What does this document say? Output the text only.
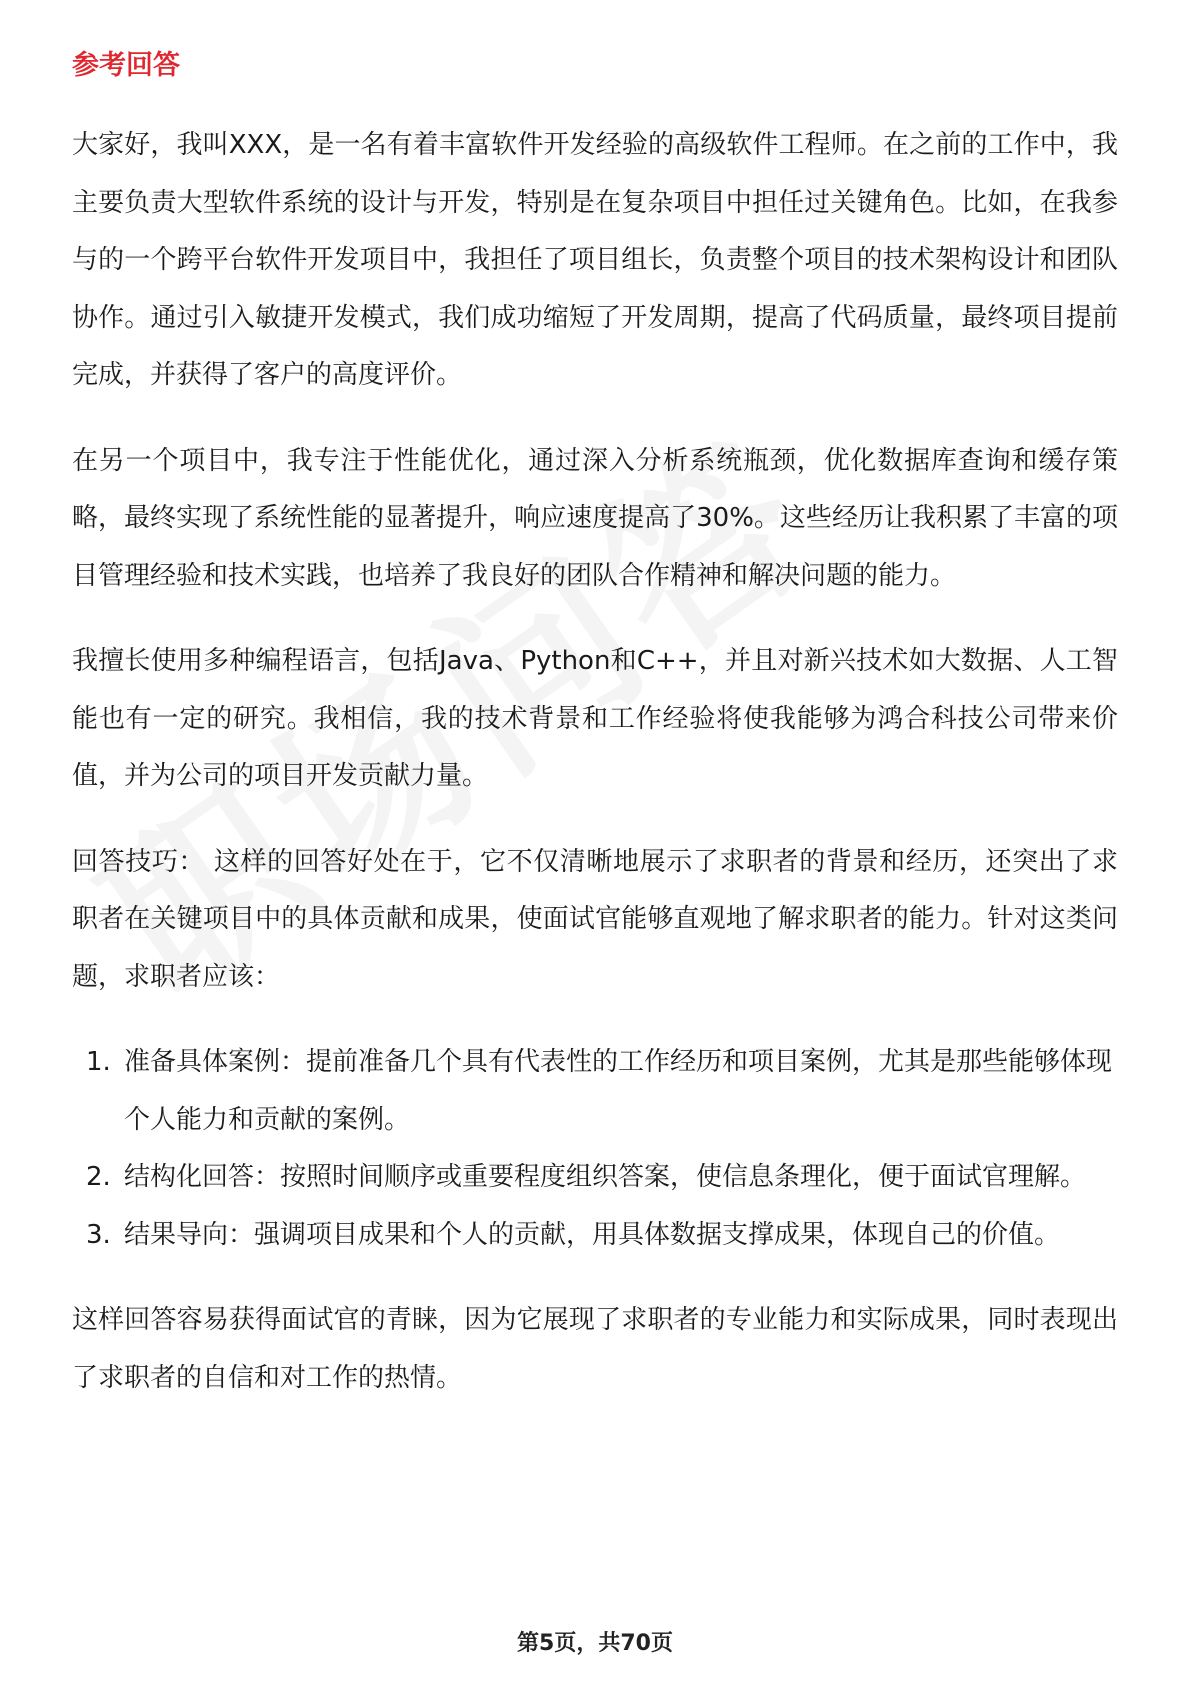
参考回答

大家好，我叫XXX，是一名有着丰富软件开发经验的高级软件工程师。在之前的工作中，我主要负责大型软件系统的设计与开发，特别是在复杂项目中担任过关键角色。比如，在我参与的一个跨平台软件开发项目中，我担任了项目组长，负责整个项目的技术架构设计和团队协作。通过引入敏捷开发模式，我们成功缩短了开发周期，提高了代码质量，最终项目提前完成，并获得了客户的高度评价。

在另一个项目中，我专注于性能优化，通过深入分析系统瓶颈，优化数据库查询和缓存策略，最终实现了系统性能的显著提升，响应速度提高了30%。这些经历让我积累了丰富的项目管理经验和技术实践，也培养了我良好的团队合作精神和解决问题的能力。

我擅长使用多种编程语言，包括Java、Python和C++，并且对新兴技术如大数据、人工智能也有一定的研究。我相信，我的技术背景和工作经验将使我能够为鸿合科技公司带来价值，并为公司的项目开发贡献力量。

回答技巧： 这样的回答好处在于，它不仅清晰地展示了求职者的背景和经历，还突出了求职者在关键项目中的具体贡献和成果，使面试官能够直观地了解求职者的能力。针对这类问题，求职者应该：

1. 准备具体案例：提前准备几个具有代表性的工作经历和项目案例，尤其是那些能够体现个人能力和贡献的案例。
2. 结构化回答：按照时间顺序或重要程度组织答案，使信息条理化，便于面试官理解。
3. 结果导向：强调项目成果和个人的贡献，用具体数据支撑成果，体现自己的价值。

这样回答容易获得面试官的青睐，因为它展现了求职者的专业能力和实际成果，同时表现出了求职者的自信和对工作的热情。

第5页，共70页
